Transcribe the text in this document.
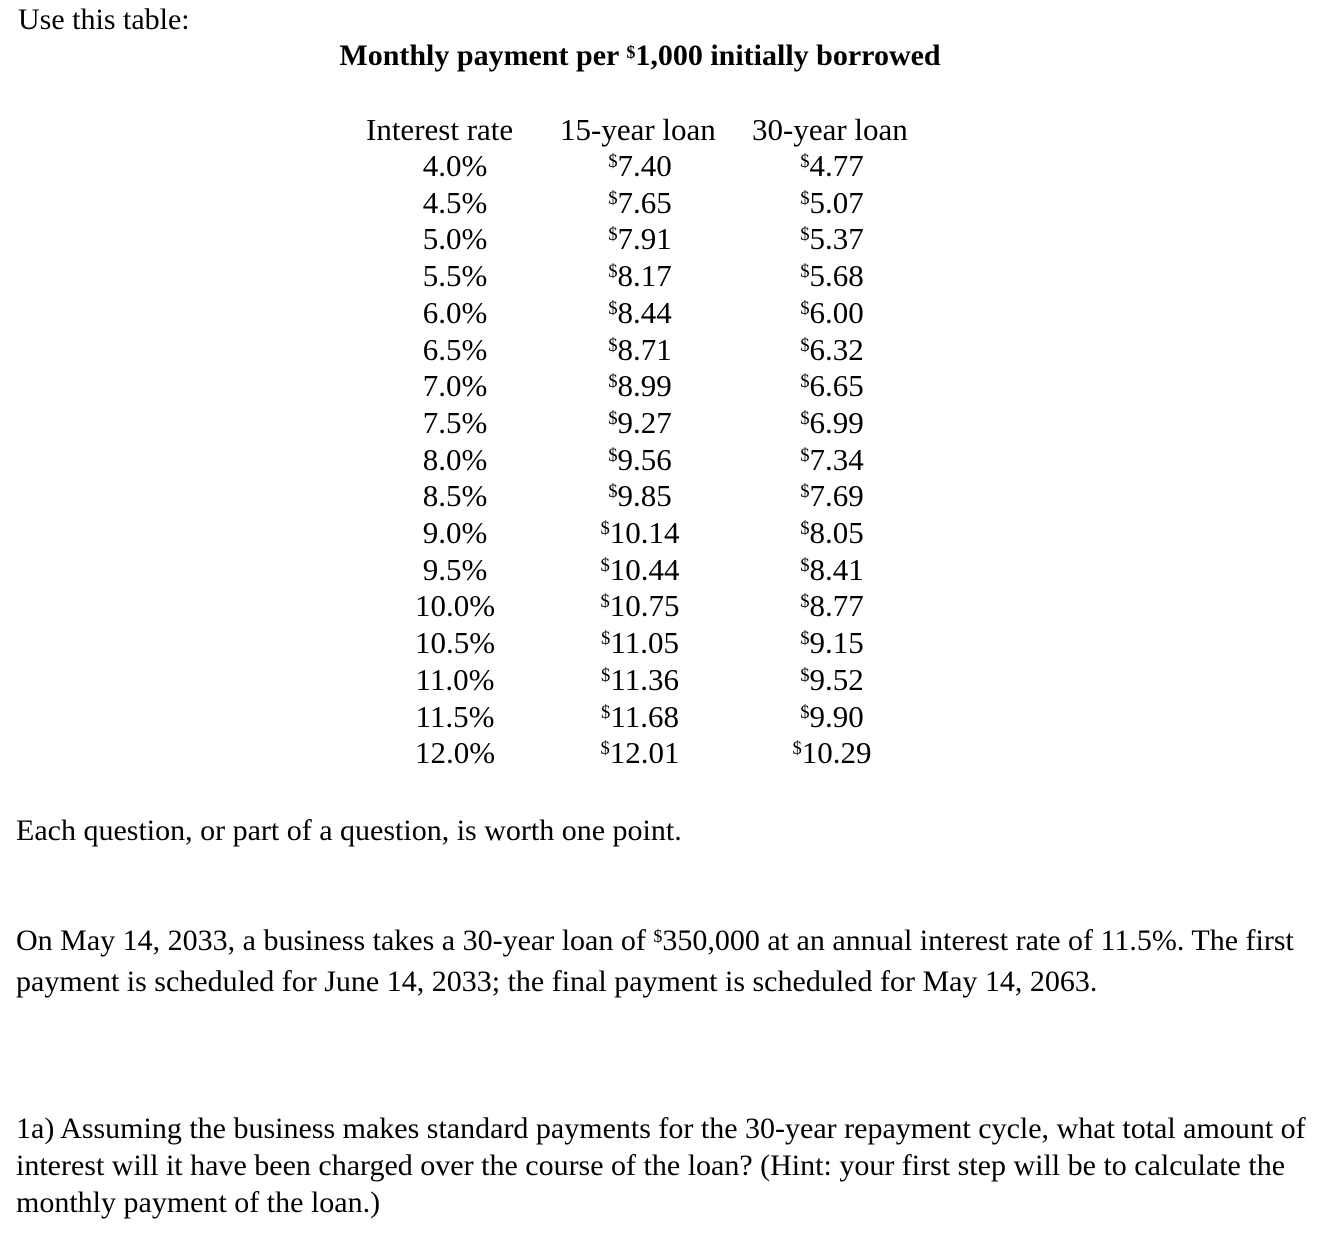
Use this table:
Monthly payment per $1,000 initially borrowed
Interest rate 15-year loan 30-year loan
4.0%	$7.40	$4.77
4.5%	$7.65	$5.07
5.0%	$7.91	$5.37
5.5%	$8.17	$5.68
6.0%	$8.44	$6.00
6.5%	$8.71	$6.32
7.0%	$8.99	$6.65
7.5%	$9.27	$6.99
8.0%	$9.56	$7.34
8.5%	$9.85	$7.69
9.0%	$10.14	$8.05
9.5%	$10.44	$8.41
10.0%	$10.75	$8.77
10.5%	$11.05	$9.15
11.0%	$11.36	$9.52
11.5%	$11.68	$9.90
12.0%	$12.01	$10.29
Each question, or part of a question, is worth one point.
On May 14, 2033, a business takes a 30-year loan of $350,000 at an annual interest rate of 11.5%. The first payment is scheduled for June 14, 2033; the final payment is scheduled for May 14, 2063.
1a) Assuming the business makes standard payments for the 30-year repayment cycle, what total amount of interest will it have been charged over the course of the loan? (Hint: your first step will be to calculate the monthly payment of the loan.)
